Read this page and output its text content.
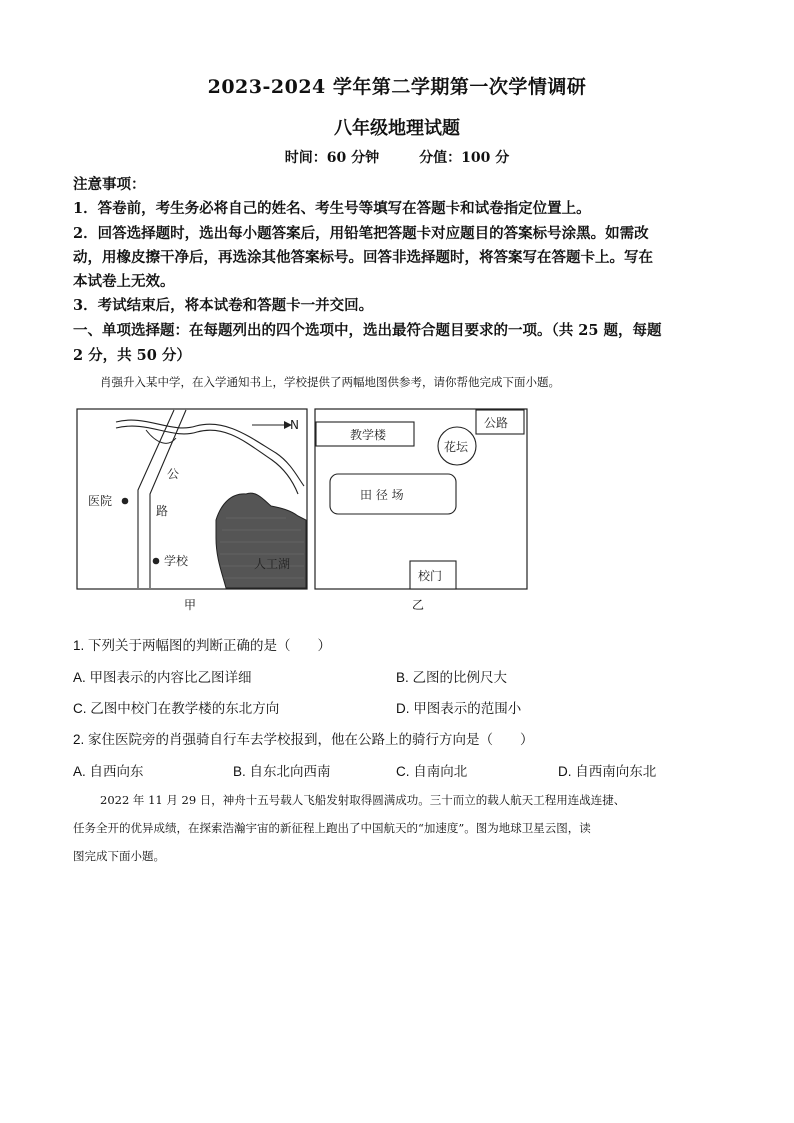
2023-2024 学年第二学期第一次学情调研
八年级地理试题
时间：60 分钟	分值：100 分
注意事项：
1．答卷前，考生务必将自己的姓名、考生号等填写在答题卡和试卷指定位置上。
2．回答选择题时，选出每小题答案后，用铅笔把答题卡对应题目的答案标号涂黑。如需改
动，用橡皮擦干净后，再选涂其他答案标号。回答非选择题时，将答案写在答题卡上。写在
本试卷上无效。
3．考试结束后，将本试卷和答题卡一并交回。
一、单项选择题：在每题列出的四个选项中，选出最符合题目要求的一项。（共 25 题，每题
2 分，共 50 分）
肖强升入某中学，在入学通知书上，学校提供了两幅地图供参考，请你帮他完成下面小题。
N
公
路
医院
学校	人工湖
甲
教学楼
公路
花坛
田 径 场
校门
乙
1. 下列关于两幅图的判断正确的是（　　）
A. 甲图表示的内容比乙图详细	B. 乙图的比例尺大
C. 乙图中校门在教学楼的东北方向	D. 甲图表示的范围小
2. 家住医院旁的肖强骑自行车去学校报到，他在公路上的骑行方向是（　　）
A. 自西向东	B. 自东北向西南	C. 自南向北	D. 自西南向东北
2022 年 11 月 29 日，神舟十五号载人飞船发射取得圆满成功。三十而立的载人航天工程用连战连捷、
任务全开的优异成绩，在探索浩瀚宇宙的新征程上跑出了中国航天的“加速度”。图为地球卫星云图，读
图完成下面小题。
